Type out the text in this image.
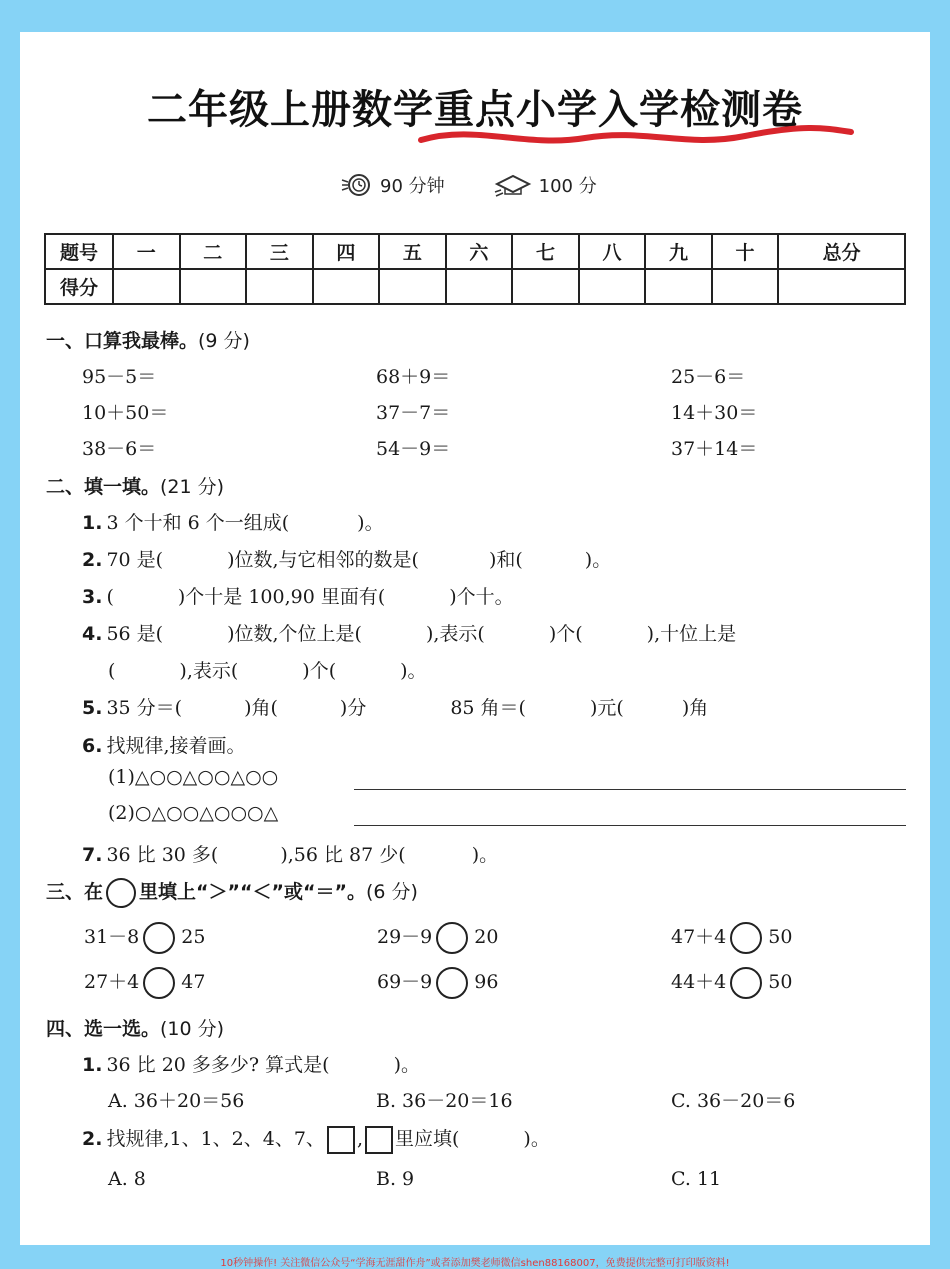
二年级上册数学重点小学入学检测卷
90 分钟	100 分
题号	一	二	三	四	五	六	七	八	九	十	总分
得分											
一、口算我最棒。(9 分)
95－5＝	68＋9＝	25－6＝
10＋50＝	37－7＝	14＋30＝
38－6＝	54－9＝	37＋14＝
二、填一填。(21 分)
1. 3 个十和 6 个一组成(	)。
2. 70 是(	)位数,与它相邻的数是(	)和(	)。
3. (	)个十是 100,90 里面有(	)个十。
4. 56 是(	)位数,个位上是(	),表示(	)个(	),十位上是
(	),表示(	)个(	)。
5. 35 分＝(	)角(	)分	85 角＝(	)元(	)角
6. 找规律,接着画。
(1)△○○△○○△○○
(2)○△○○△○○○△
7. 36 比 30 多(	),56 比 87 少(	)。
三、在 里填上“＞”“＜”或“＝”。(6 分)
31－8 25	29－9 20	47＋4 50
27＋4 47	69－9 96	44＋4 50
四、选一选。(10 分)
1. 36 比 20 多多少? 算式是(	)。
A. 36＋20＝56	B. 36－20＝16	C. 36－20＝6
2. 找规律,1、1、2、4、7、 , 里应填(	)。
A. 8	B. 9	C. 11
10秒钟操作! 关注微信公众号“学海无涯甜作舟”或者添加樊老师微信shen88168007，免费提供完整可打印版资料!
